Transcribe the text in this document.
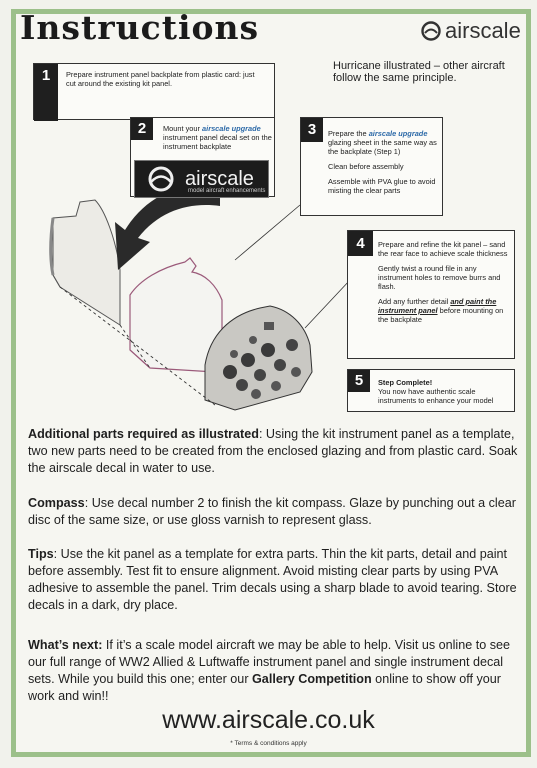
Instructions	airscale
Hurricane illustrated – other aircraft follow the same principle.
1	Prepare instrument panel backplate from plastic card: just cut around the existing kit panel.

2	Mount your airscale upgrade instrument panel decal set on the instrument backplate
airscale
model aircraft enhancements
3	Prepare the airscale upgrade glazing sheet in the same way as the backplate (Step 1)

Clean before assembly

Assemble with PVA glue to avoid misting the clear parts

4	Prepare and refine the kit panel – sand the rear face to achieve scale thickness

Gently twist a round file in any instrument holes to remove burrs and flash.

Add any further detail and paint the instrument panel before mounting on the backplate

5	Step Complete!
You now have authentic scale instruments to enhance your model
Additional parts required as illustrated: Using the kit instrument panel as a template, two new parts need to be created from the enclosed glazing and from plastic card. Soak the airscale decal in water to use.
Compass: Use decal number 2 to finish the kit compass. Glaze by punching out a clear disc of the same size, or use gloss varnish to represent glass.
Tips: Use the kit panel as a template for extra parts. Thin the kit parts, detail and paint before assembly. Test fit to ensure alignment. Avoid misting clear parts by using PVA adhesive to assemble the panel. Trim decals using a sharp blade to avoid tearing. Store decals in a dark, dry place.
What’s next: If it’s a scale model aircraft we may be able to help. Visit us online to see our full range of WW2 Allied & Luftwaffe instrument panel and single instrument decal sets. While you build this one; enter our Gallery Competition online to show off your work and win!!
www.airscale.co.uk
* Terms & conditions apply
